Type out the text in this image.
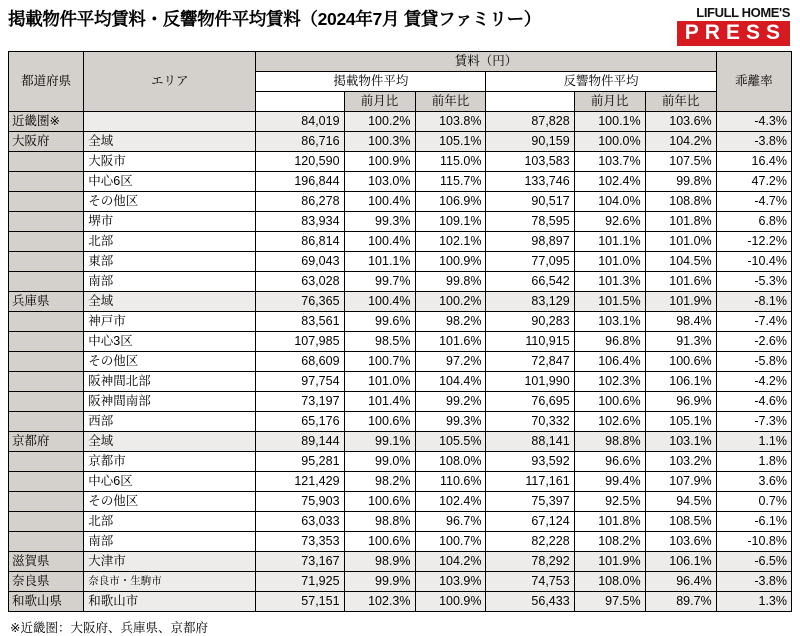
掲載物件平均賃料・反響物件平均賃料（2024年7月 賃貸ファミリー）	LIFULL HOME'S
PRESS
都道府県	エリア	賃料（円）						乖離率
		掲載物件平均			反響物件平均			
			前月比	前年比		前月比	前年比	
近畿圏※		84,019	100.2%	103.8%	87,828	100.1%	103.6%	-4.3%
大阪府	全域	86,716	100.3%	105.1%	90,159	100.0%	104.2%	-3.8%
	大阪市	120,590	100.9%	115.0%	103,583	103.7%	107.5%	16.4%
	中心6区	196,844	103.0%	115.7%	133,746	102.4%	99.8%	47.2%
	その他区	86,278	100.4%	106.9%	90,517	104.0%	108.8%	-4.7%
	堺市	83,934	99.3%	109.1%	78,595	92.6%	101.8%	6.8%
	北部	86,814	100.4%	102.1%	98,897	101.1%	101.0%	-12.2%
	東部	69,043	101.1%	100.9%	77,095	101.0%	104.5%	-10.4%
	南部	63,028	99.7%	99.8%	66,542	101.3%	101.6%	-5.3%
兵庫県	全域	76,365	100.4%	100.2%	83,129	101.5%	101.9%	-8.1%
	神戸市	83,561	99.6%	98.2%	90,283	103.1%	98.4%	-7.4%
	中心3区	107,985	98.5%	101.6%	110,915	96.8%	91.3%	-2.6%
	その他区	68,609	100.7%	97.2%	72,847	106.4%	100.6%	-5.8%
	阪神間北部	97,754	101.0%	104.4%	101,990	102.3%	106.1%	-4.2%
	阪神間南部	73,197	101.4%	99.2%	76,695	100.6%	96.9%	-4.6%
	西部	65,176	100.6%	99.3%	70,332	102.6%	105.1%	-7.3%
京都府	全域	89,144	99.1%	105.5%	88,141	98.8%	103.1%	1.1%
	京都市	95,281	99.0%	108.0%	93,592	96.6%	103.2%	1.8%
	中心6区	121,429	98.2%	110.6%	117,161	99.4%	107.9%	3.6%
	その他区	75,903	100.6%	102.4%	75,397	92.5%	94.5%	0.7%
	北部	63,033	98.8%	96.7%	67,124	101.8%	108.5%	-6.1%
	南部	73,353	100.6%	100.7%	82,228	108.2%	103.6%	-10.8%
滋賀県	大津市	73,167	98.9%	104.2%	78,292	101.9%	106.1%	-6.5%
奈良県	奈良市・生駒市	71,925	99.9%	103.9%	74,753	108.0%	96.4%	-3.8%
和歌山県	和歌山市	57,151	102.3%	100.9%	56,433	97.5%	89.7%	1.3%
※近畿圏：大阪府、兵庫県、京都府
